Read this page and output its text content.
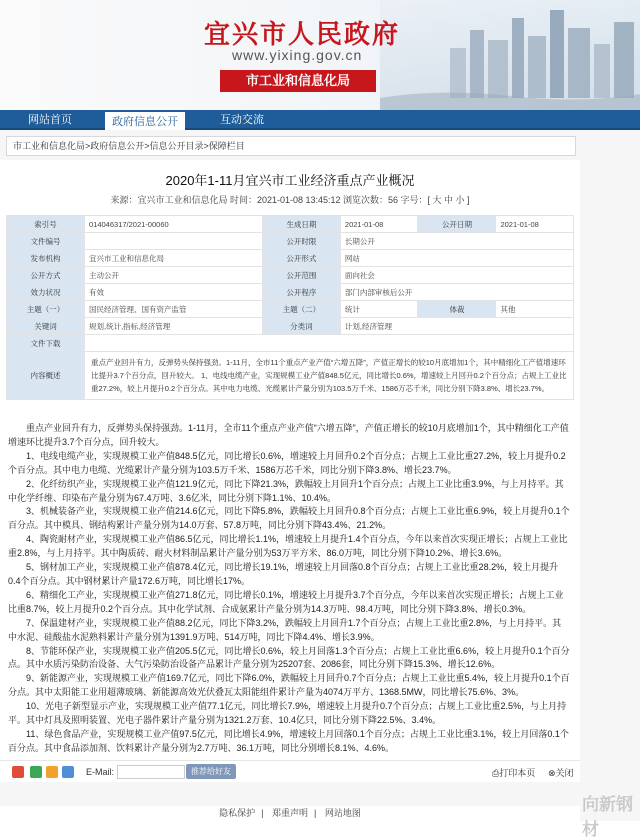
宜兴市人民政府
www.yixing.gov.cn
市工业和信息化局
网站首页	政府信息公开	互动交流
市工业和信息化局>政府信息公开>信息公开目录>保障栏目
2020年1-11月宜兴市工业经济重点产业概况
来源：宜兴市工业和信息化局 时间：2021-01-08 13:45:12 浏览次数：56 字号：[ 大 中 小 ]
索引号	014046317/2021-00060	生成日期	2021-01-08	公开日期	2021-01-08
文件编号		公开时限	长期公开		
发布机构	宜兴市工业和信息化局	公开形式	网站		
公开方式	主动公开	公开范围	面向社会		
效力状况	有效	公开程序	部门内部审核后公开		
主题（一）	国民经济管理、国有资产监管	主题（二）	统计	体裁	其他
关键词	规划,统计,指标,经济管理	分类词	计划,经济管理		
文件下载					
内容概述	重点产业回升有力，反弹势头保持强劲。1-11月，全市11个重点产业产值“六增五降”，产值正增长的较10月底增加1个，其中精细化工产值增速环比提升3.7个百分点，回升较大。 1、电线电缆产业，实现规模工业产值848.5亿元，同比增长0.6%，增速较上月回升0.2个百分点；占规上工业比重27.2%，较上月提升0.2个百分点。其中电力电缆、光缆累计产量分别为103.5万千米、1586万芯千米，同比分别下降3.8%、增长23.7%。				

重点产业回升有力，反弹势头保持强劲。1-11月，全市11个重点产业产值“六增五降”，产值正增长的较10月底增加1个，其中精细化工产值增速环比提升3.7个百分点，回升较大。

1、电线电缆产业，实现规模工业产值848.5亿元，同比增长0.6%，增速较上月回升0.2个百分点；占规上工业比重27.2%，较上月提升0.2个百分点。其中电力电缆、光缆累计产量分别为103.5万千米、1586万芯千米，同比分别下降3.8%、增长23.7%。

2、化纤纺织产业，实现规模工业产值121.9亿元，同比下降21.3%，跌幅较上月回升1个百分点；占规上工业比重3.9%，与上月持平。其中化学纤维、印染布产量分别为67.4万吨、3.6亿米，同比分别下降1.1%、10.4%。

3、机械装备产业，实现规模工业产值214.6亿元，同比下降5.8%，跌幅较上月回升0.8个百分点；占规上工业比重6.9%，较上月提升0.1个百分点。其中模具、钢结构累计产量分别为14.0万套、57.8万吨，同比分别下降43.4%、21.2%。

4、陶瓷耐材产业，实现规模工业产值86.5亿元，同比增长1.1%，增速较上月提升1.4个百分点，今年以来首次实现正增长；占规上工业比重2.8%，与上月持平。其中陶质砖、耐火材料制品累计产量分别为53万平方米、86.0万吨，同比分别下降10.2%、增长3.6%。

5、钢材加工产业，实现规模工业产值878.4亿元，同比增长19.1%，增速较上月回落0.8个百分点；占规上工业比重28.2%，较上月提升0.4个百分点。其中钢材累计产量172.6万吨，同比增长17%。

6、精细化工产业，实现规模工业产值271.8亿元，同比增长0.1%，增速较上月提升3.7个百分点，今年以来首次实现正增长；占规上工业比重8.7%，较上月提升0.2个百分点。其中化学试剂、合成氨累计产量分别为14.3万吨、98.4万吨，同比分别下降3.8%、增长0.3%。

7、保温建材产业，实现规模工业产值88.2亿元，同比下降3.2%，跌幅较上月回升1.7个百分点；占规上工业比重2.8%，与上月持平。其中水泥、硅酸盐水泥熟料累计产量分别为1391.9万吨、514万吨，同比下降4.4%、增长3.9%。

8、节能环保产业，实现规模工业产值205.5亿元，同比增长0.6%，较上月回落1.3个百分点；占规上工业比重6.6%，较上月提升0.1个百分点。其中水质污染防治设备、大气污染防治设备产品累计产量分别为25207套、2086套，同比分别下降15.3%、增长12.6%。

9、新能源产业，实现规模工业产值169.7亿元，同比下降6.0%，跌幅较上月回升0.7个百分点；占规上工业比重5.4%，较上月提升0.1个百分点。其中太阳能工业用超薄玻璃、新能源高效光伏叠瓦太阳能组件累计产量为4074万平方、1368.5MW，同比增长75.6%、3%。

10、光电子新型显示产业，实现规模工业产值77.1亿元，同比增长7.9%，增速较上月提升0.7个百分点；占规上工业比重2.5%，与上月持平。其中灯具及照明装置、光电子器件累计产量分别为1321.2万套、10.4亿只，同比分别下降22.5%、3.4%。

11、绿色食品产业，实现规模工业产值97.5亿元，同比增长4.9%，增速较上月回落0.1个百分点；占规上工业比重3.1%，较上月回落0.1个百分点。其中食品添加剂、饮料累计产量分别为2.7万吨、36.1万吨，同比分别增长8.1%、4.6%。

E-Mail:	推荐给好友	⎙打印本页 ⊗关闭
隐私保护 | 郑重声明 | 网站地图	向新钢材
